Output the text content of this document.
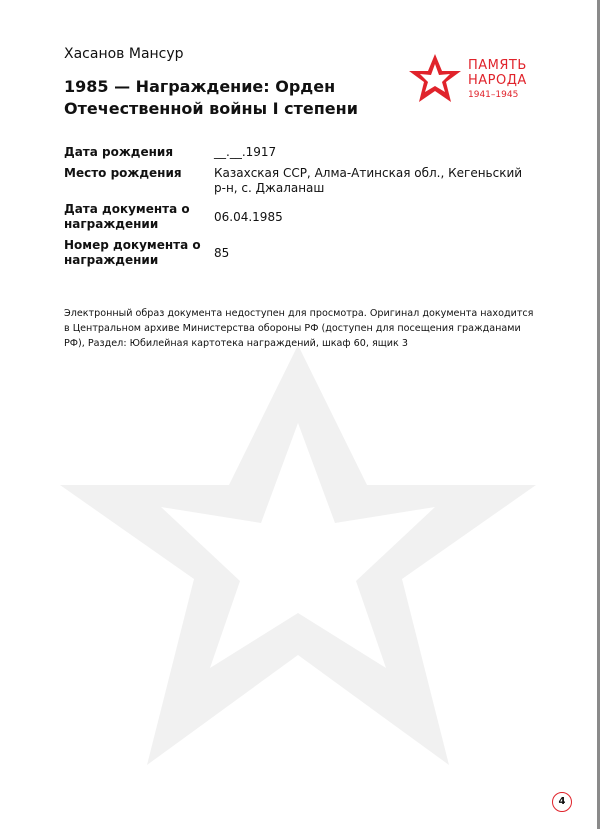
Хасанов Мансур
1985 — Награждение: Орден Отечественной войны I степени
ПАМЯТЬ
НАРОДА
1941–1945
Дата рождения	__.__.1917
Место рождения	Казахская ССР, Алма-Атинская обл., Кегеньский р-н, с. Джаланаш
Дата документа о награждении
06.04.1985
Номер документа о награждении
85
Электронный образ документа недоступен для просмотра. Оригинал документа находится в Центральном архиве Министерства обороны РФ (доступен для посещения гражданами РФ), Раздел: Юбилейная картотека награждений, шкаф 60, ящик 3
4
